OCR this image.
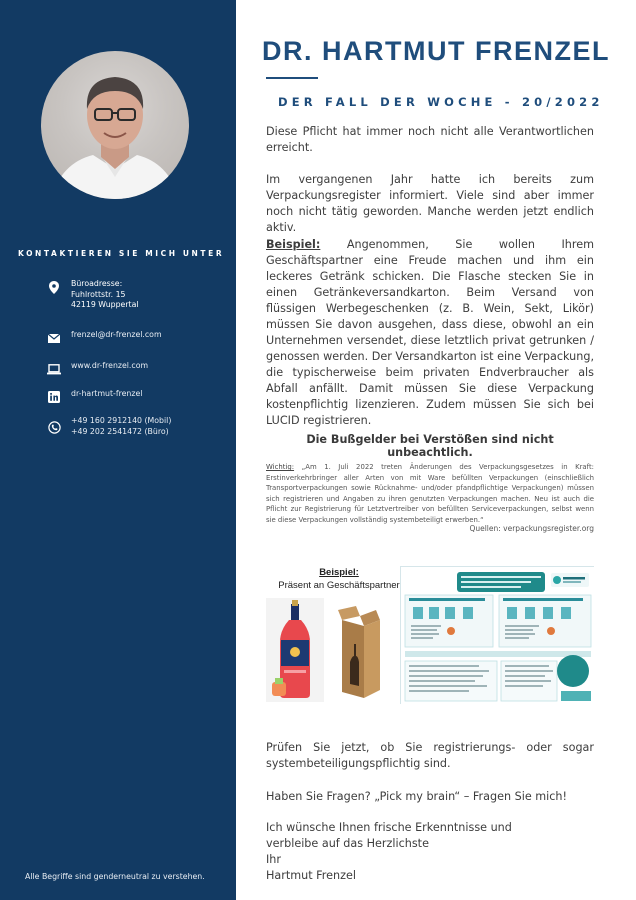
KONTAKTIEREN SIE MICH UNTER
Büroadresse:
Fuhlrottstr. 15
42119 Wuppertal
frenzel@dr-frenzel.com
www.dr-frenzel.com
dr-hartmut-frenzel
+49 160 2912140 (Mobil)
+49 202 2541472 (Büro)
Alle Begriffe sind genderneutral zu verstehen.
DR. HARTMUT FRENZEL
DER FALL DER WOCHE - 20/2022
Diese Pflicht hat immer noch nicht alle Verantwortlichen erreicht.
Im vergangenen Jahr hatte ich bereits zum Verpackungsregister informiert. Viele sind aber immer noch nicht tätig geworden. Manche werden jetzt endlich aktiv.
Beispiel: Angenommen, Sie wollen Ihrem Geschäftspartner eine Freude machen und ihm ein leckeres Getränk schicken. Die Flasche stecken Sie in einen Getränkeversandkarton. Beim Versand von flüssigen Werbegeschenken (z. B. Wein, Sekt, Likör) müssen Sie davon ausgehen, dass diese, obwohl an ein Unternehmen versendet, diese letztlich privat getrunken / genossen werden. Der Versandkarton ist eine Verpackung, die typischerweise beim privaten Endverbraucher als Abfall anfällt. Damit müssen Sie diese Verpackung kostenpflichtig lizenzieren. Zudem müssen Sie sich bei LUCID registrieren.
Die Bußgelder bei Verstößen sind nicht unbeachtlich.
Wichtig: „Am 1. Juli 2022 treten Änderungen des Verpackungsgesetzes in Kraft: Erstinverkehrbringer aller Arten von mit Ware befüllten Verpackungen (einschließlich Transportverpackungen sowie Rücknahme- und/oder pfandpflichtige Verpackungen) müssen sich registrieren und Angaben zu ihren genutzten Verpackungen machen. Neu ist auch die Pflicht zur Registrierung für Letztvertreiber von befüllten Serviceverpackungen, selbst wenn sie diese Verpackungen vollständig systembeteiligt erwerben.“
Quellen: verpackungsregister.org
Beispiel:
Präsent an Geschäftspartner
Prüfen Sie jetzt, ob Sie registrierungs- oder sogar systembeteiligungspflichtig sind.
Haben Sie Fragen? „Pick my brain“ – Fragen Sie mich!
Ich wünsche Ihnen frische Erkenntnisse und
verbleibe auf das Herzlichste
Ihr
Hartmut Frenzel
